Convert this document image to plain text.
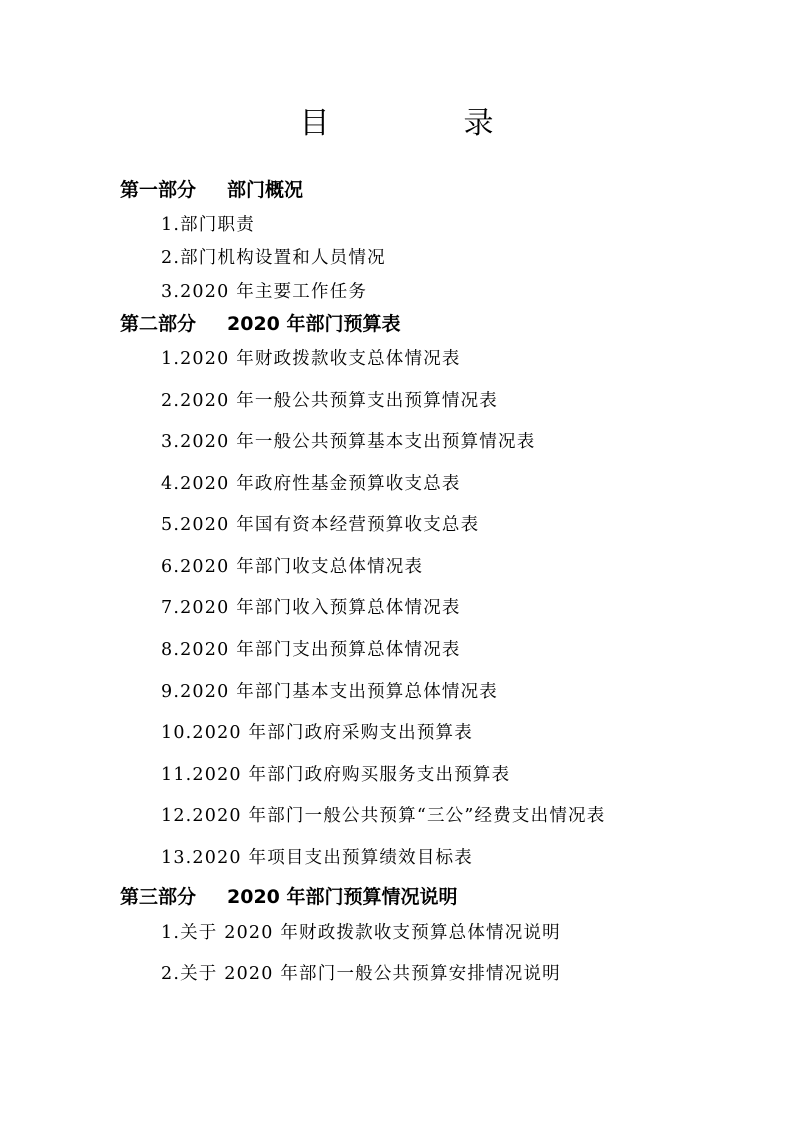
目　录
第一部分 部门概况
1.部门职责
2.部门机构设置和人员情况
3.2020 年主要工作任务
第二部分 2020 年部门预算表
1.2020 年财政拨款收支总体情况表
2.2020 年一般公共预算支出预算情况表
3.2020 年一般公共预算基本支出预算情况表
4.2020 年政府性基金预算收支总表
5.2020 年国有资本经营预算收支总表
6.2020 年部门收支总体情况表
7.2020 年部门收入预算总体情况表
8.2020 年部门支出预算总体情况表
9.2020 年部门基本支出预算总体情况表
10.2020 年部门政府采购支出预算表
11.2020 年部门政府购买服务支出预算表
12.2020 年部门一般公共预算“三公”经费支出情况表
13.2020 年项目支出预算绩效目标表
第三部分 2020 年部门预算情况说明
1.关于 2020 年财政拨款收支预算总体情况说明
2.关于 2020 年部门一般公共预算安排情况说明
